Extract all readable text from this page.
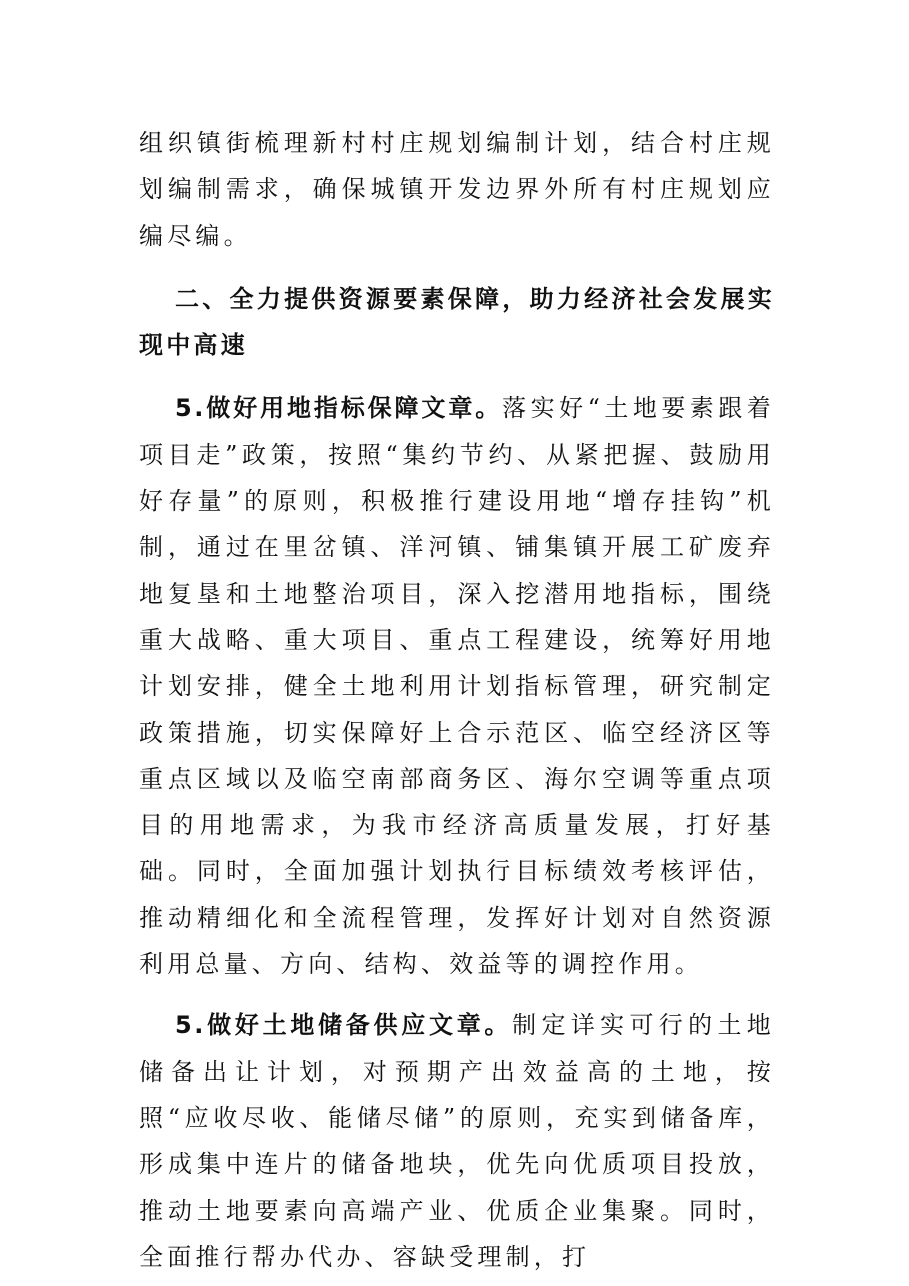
组织镇街梳理新村村庄规划编制计划，结合村庄规划编制需求，确保城镇开发边界外所有村庄规划应编尽编。

二、全力提供资源要素保障，助力经济社会发展实现中高速

5.做好用地指标保障文章。落实好“土地要素跟着项目走”政策，按照“集约节约、从紧把握、鼓励用好存量”的原则，积极推行建设用地“增存挂钩”机制，通过在里岔镇、洋河镇、铺集镇开展工矿废弃地复垦和土地整治项目，深入挖潜用地指标，围绕重大战略、重大项目、重点工程建设，统筹好用地计划安排，健全土地利用计划指标管理，研究制定政策措施，切实保障好上合示范区、临空经济区等重点区域以及临空南部商务区、海尔空调等重点项目的用地需求，为我市经济高质量发展，打好基础。同时，全面加强计划执行目标绩效考核评估，推动精细化和全流程管理，发挥好计划对自然资源利用总量、方向、结构、效益等的调控作用。

5.做好土地储备供应文章。制定详实可行的土地储备出让计划，对预期产出效益高的土地，按照“应收尽收、能储尽储”的原则，充实到储备库，形成集中连片的储备地块，优先向优质项目投放，推动土地要素向高端产业、优质企业集聚。同时，全面推行帮办代办、容缺受理制，打
